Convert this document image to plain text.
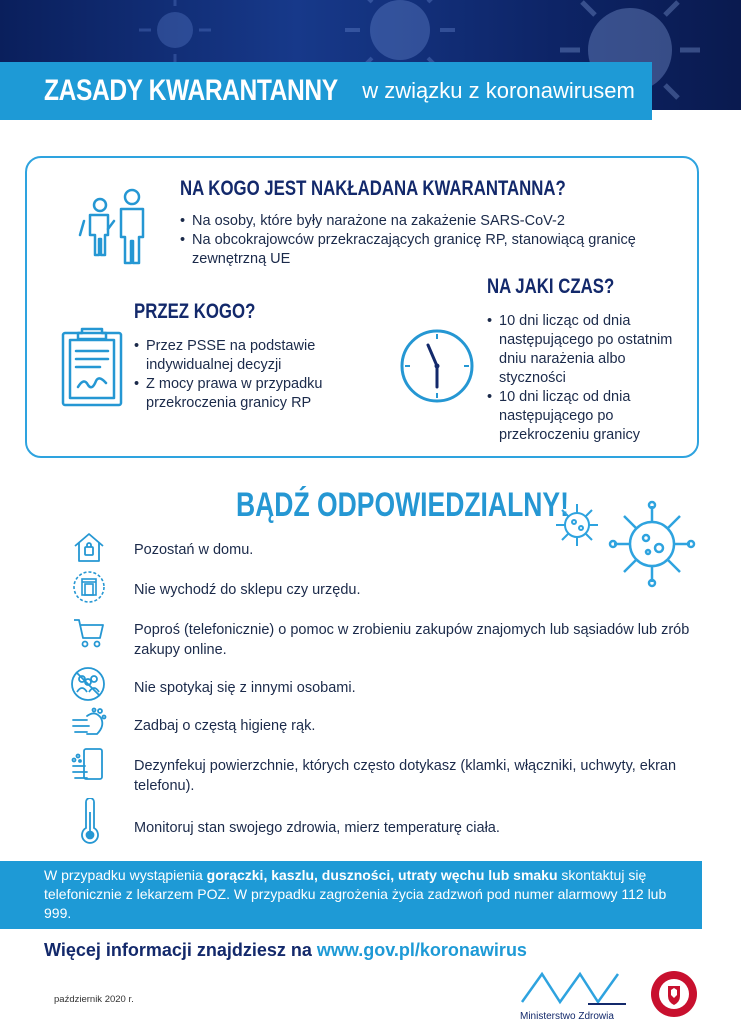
ZASADY KWARANTANNY w związku z koronawirusem
NA KOGO JEST NAKŁADANA KWARANTANNA?
• Na osoby, które były narażone na zakażenie SARS-CoV-2
• Na obcokrajowców przekraczających granicę RP, stanowiącą granicę zewnętrzną UE
PRZEZ KOGO?
• Przez PSSE na podstawie indywidualnej decyzji
• Z mocy prawa w przypadku przekroczenia granicy RP
NA JAKI CZAS?
• 10 dni licząc od dnia następującego po ostatnim dniu narażenia albo styczności
• 10 dni licząc od dnia następującego po przekroczeniu granicy
BĄDŹ ODPOWIEDZIALNY!
Pozostań w domu.
Nie wychodź do sklepu czy urzędu.
Poproś (telefonicznie) o pomoc w zrobieniu zakupów znajomych lub sąsiadów lub zrób zakupy online.
Nie spotykaj się z innymi osobami.
Zadbaj o częstą higienę rąk.
Dezynfekuj powierzchnie, których często dotykasz (klamki, włączniki, uchwyty, ekran telefonu).
Monitoruj stan swojego zdrowia, mierz temperaturę ciała.

W przypadku wystąpienia gorączki, kaszlu, duszności, utraty węchu lub smaku skontaktuj się telefonicznie z lekarzem POZ. W przypadku zagrożenia życia zadzwoń pod numer alarmowy 112 lub 999.

Więcej informacji znajdziesz na www.gov.pl/koronawirus
październik 2020 r.
Ministerstwo Zdrowia
